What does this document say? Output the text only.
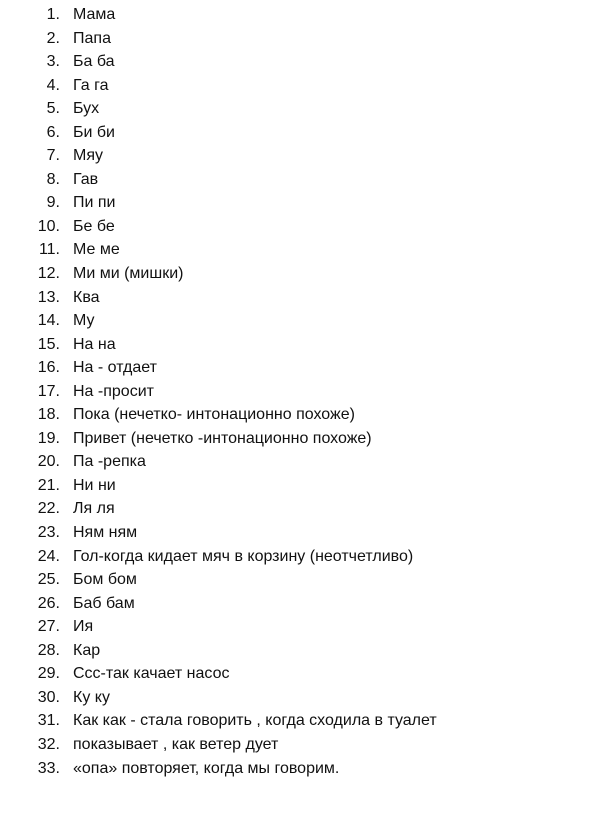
1. Мама
2. Папа
3. Ба ба
4. Га га
5. Бух
6. Би би
7. Мяу
8. Гав
9. Пи пи
10. Бе бе
11. Ме ме
12. Ми ми (мишки)
13. Ква
14. Му
15. На на
16. На - отдает
17. На -просит
18. Пока (нечетко- интонационно похоже)
19. Привет (нечетко -интонационно похоже)
20. Па -репка
21. Ни ни
22. Ля ля
23. Ням ням
24. Гол-когда кидает мяч в корзину (неотчетливо)
25. Бом бом
26. Баб бам
27. Ия
28. Кар
29. Ссс-так качает насос
30. Ку ку
31. Как как - стала говорить , когда сходила в туалет
32. показывает , как ветер дует
33. «опа» повторяет, когда мы говорим.
